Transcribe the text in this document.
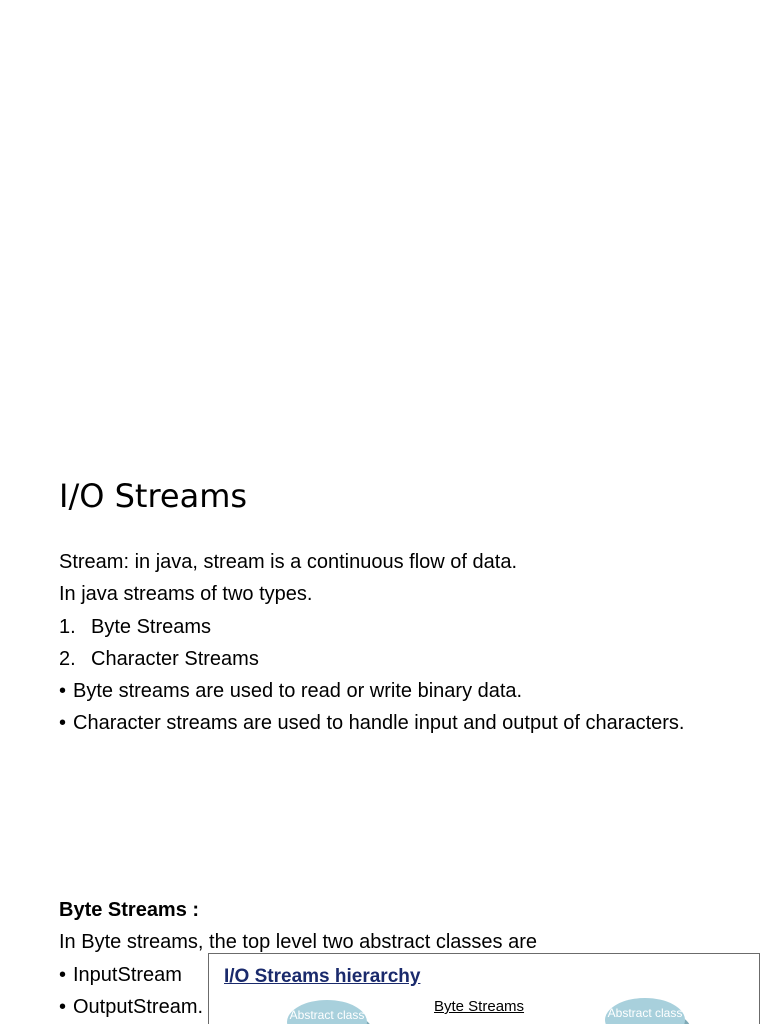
I/O Streams
Stream: in java, stream is a continuous flow of data.
In java streams of two types.
1. Byte Streams
2. Character Streams
• Byte streams are used to read or write binary data.
• Character streams are used to handle input and output of characters.
Byte Streams :
In Byte streams, the top level two abstract classes are
• InputStream
• OutputStream.
I/O Streams hierarchy
Byte Streams
Abstract class	Abstract class
